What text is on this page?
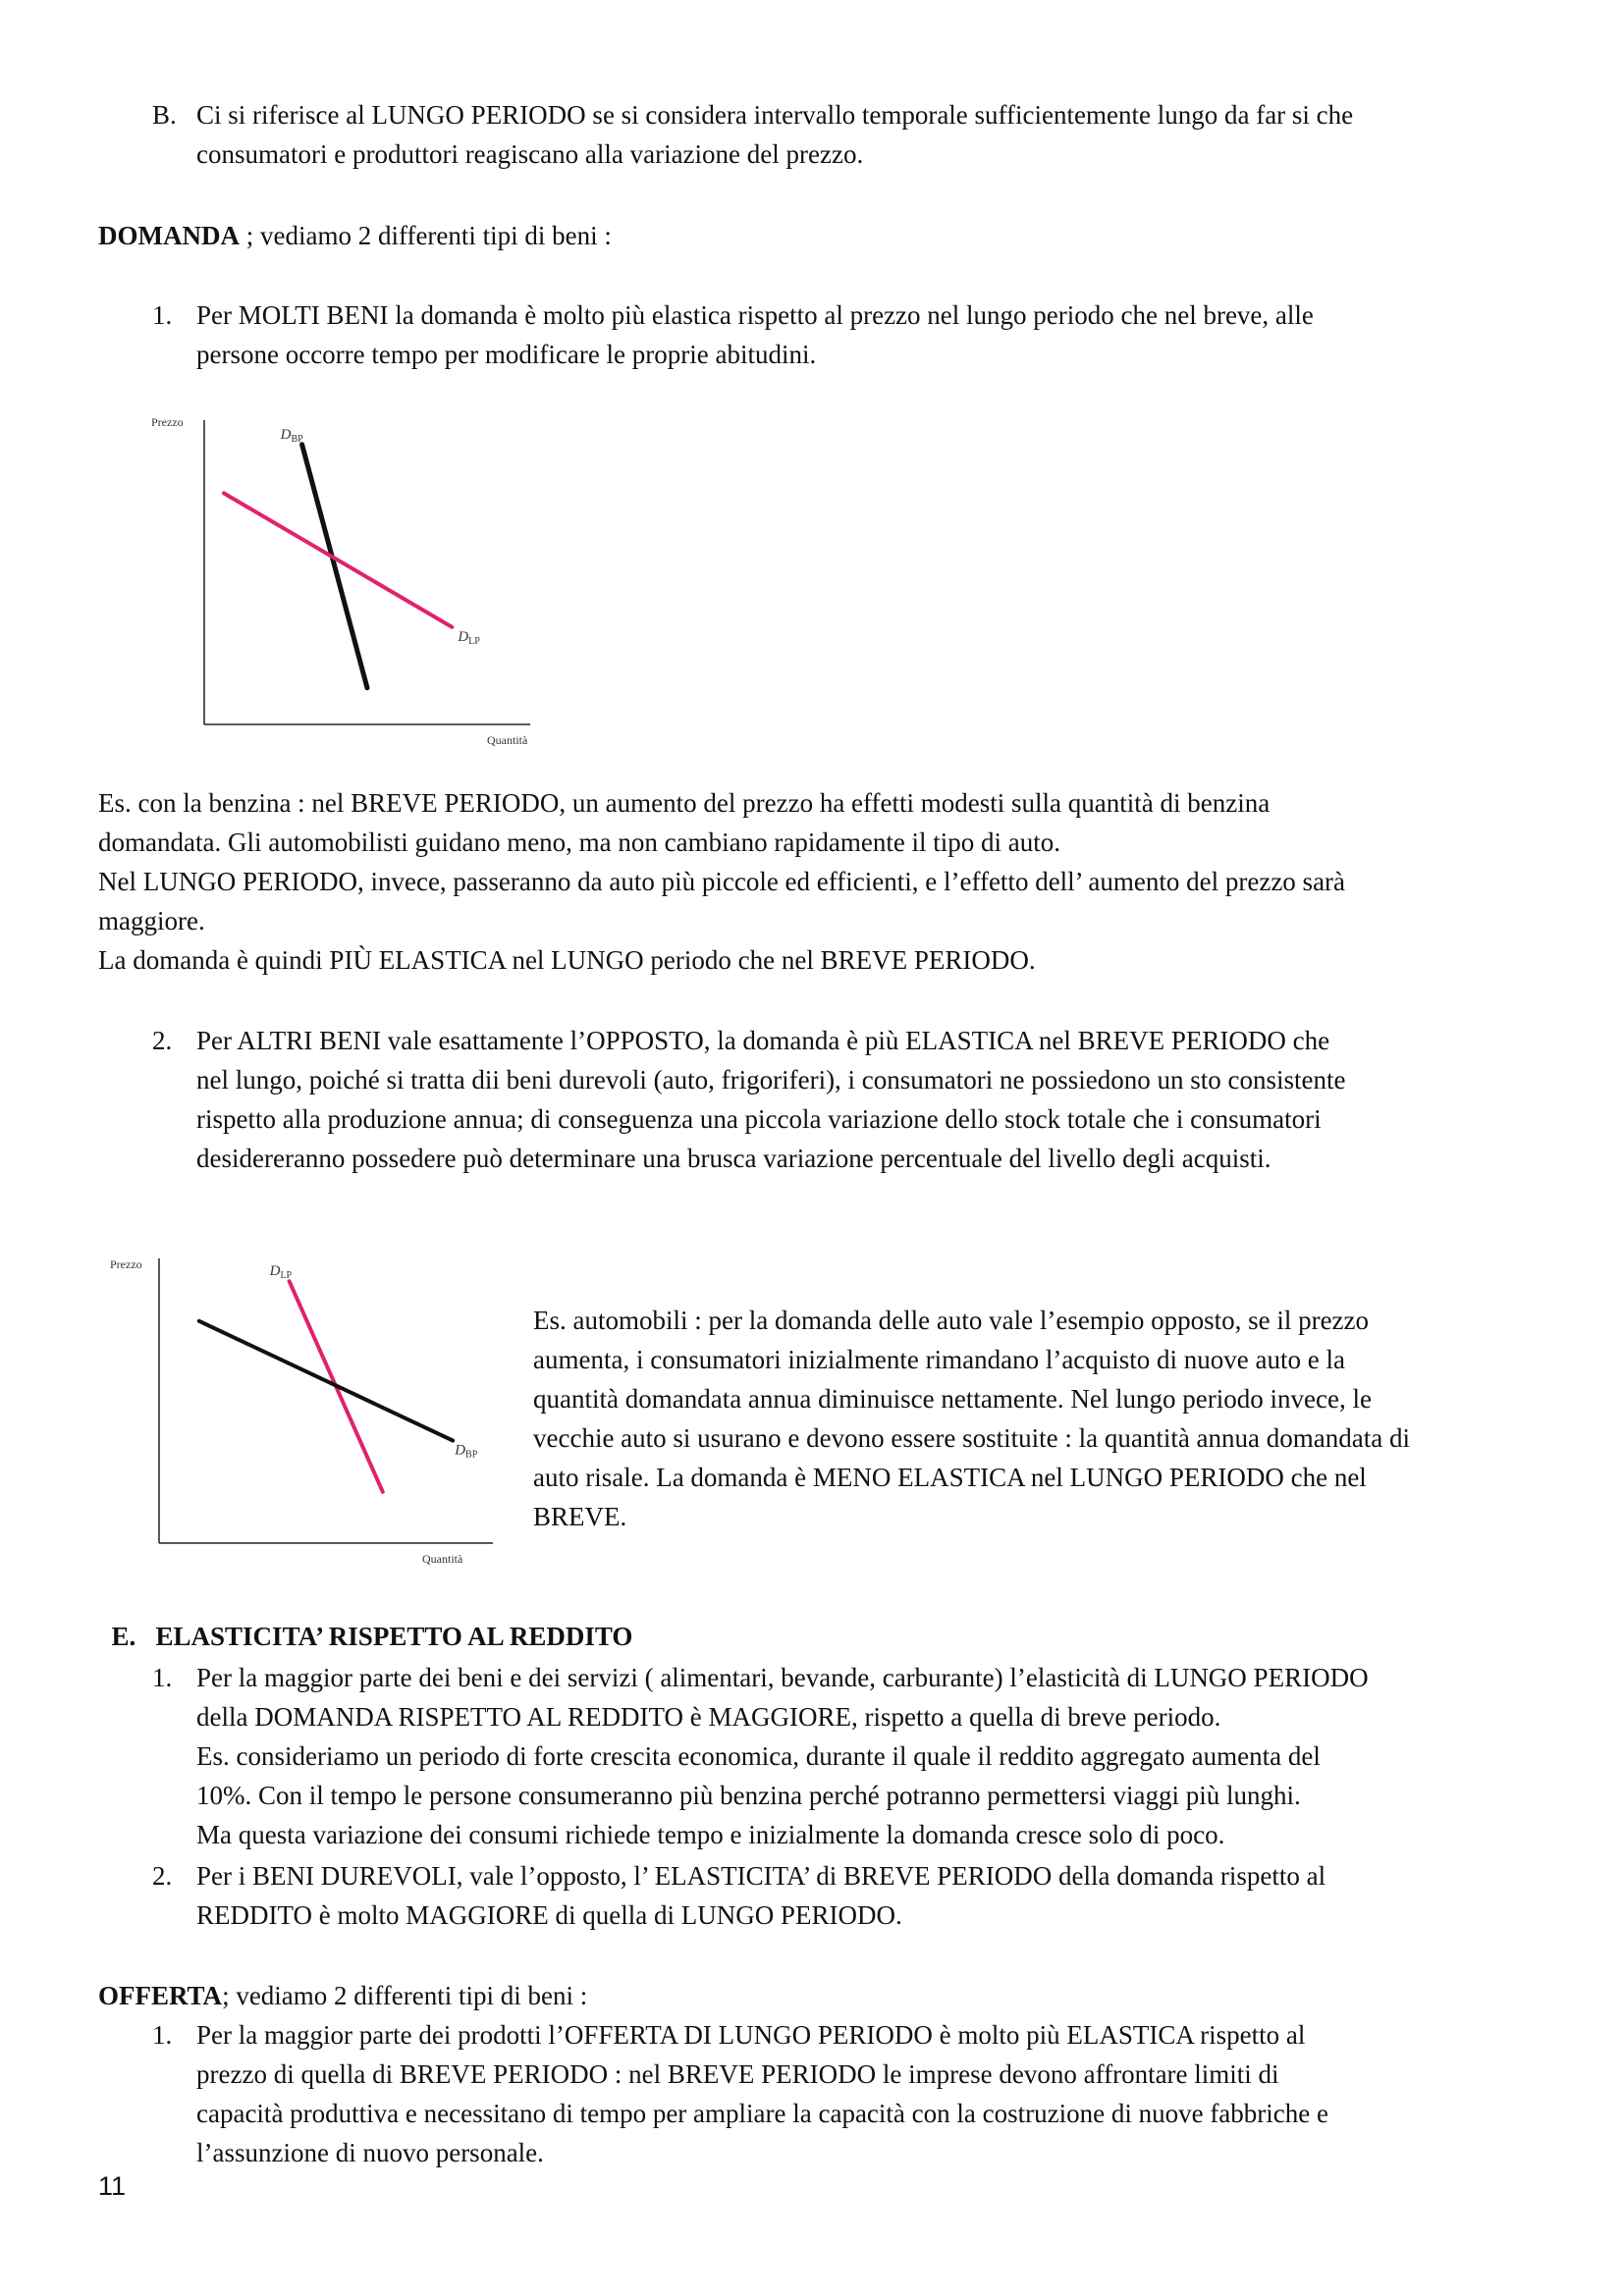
B. Ci si riferisce al LUNGO PERIODO se si considera intervallo temporale sufficientemente lungo da far si che
consumatori e produttori reagiscano alla variazione del prezzo.
DOMANDA ; vediamo 2 differenti tipi di beni :
1. Per MOLTI BENI la domanda è molto più elastica rispetto al prezzo nel lungo periodo che nel breve, alle
persone occorre tempo per modificare le proprie abitudini.
Prezzo
Quantità
$D_{BP}$
$D_{LP}$
Es. con la benzina : nel BREVE PERIODO, un aumento del prezzo ha effetti modesti sulla quantità di benzina
domandata. Gli automobilisti guidano meno, ma non cambiano rapidamente il tipo di auto.
Nel LUNGO PERIODO, invece, passeranno da auto più piccole ed efficienti, e l’effetto dell’ aumento del prezzo sarà
maggiore.
La domanda è quindi PIÙ ELASTICA nel LUNGO periodo che nel BREVE PERIODO.
2. Per ALTRI BENI vale esattamente l’OPPOSTO, la domanda è più ELASTICA nel BREVE PERIODO che
nel lungo, poiché si tratta dii beni durevoli (auto, frigoriferi), i consumatori ne possiedono un sto consistente
rispetto alla produzione annua; di conseguenza una piccola variazione dello stock totale che i consumatori
desidereranno possedere può determinare una brusca variazione percentuale del livello degli acquisti.
Prezzo
Quantità
$D_{LP}$
$D_{BP}$
Es. automobili : per la domanda delle auto vale l’esempio opposto, se il prezzo
aumenta, i consumatori inizialmente rimandano l’acquisto di nuove auto e la
quantità domandata annua diminuisce nettamente. Nel lungo periodo invece, le
vecchie auto si usurano e devono essere sostituite : la quantità annua domandata di
auto risale. La domanda è MENO ELASTICA nel LUNGO PERIODO che nel
BREVE.

E.   ELASTICITA’ RISPETTO AL REDDITO

1. Per la maggior parte dei beni e dei servizi ( alimentari, bevande, carburante) l’elasticità di LUNGO PERIODO
della DOMANDA RISPETTO AL REDDITO è MAGGIORE, rispetto a quella di breve periodo.
Es. consideriamo un periodo di forte crescita economica, durante il quale il reddito aggregato aumenta del
10%. Con il tempo le persone consumeranno più benzina perché potranno permettersi viaggi più lunghi.
Ma questa variazione dei consumi richiede tempo e inizialmente la domanda cresce solo di poco.
2. Per i BENI DUREVOLI, vale l’opposto, l’ ELASTICITA’ di BREVE PERIODO della domanda rispetto al
REDDITO è molto MAGGIORE di quella di LUNGO PERIODO.
OFFERTA; vediamo 2 differenti tipi di beni :
1. Per la maggior parte dei prodotti l’OFFERTA DI LUNGO PERIODO è molto più ELASTICA rispetto al
prezzo di quella di BREVE PERIODO : nel BREVE PERIODO le imprese devono affrontare limiti di
capacità produttiva e necessitano di tempo per ampliare la capacità con la costruzione di nuove fabbriche e
l’assunzione di nuovo personale.
11
